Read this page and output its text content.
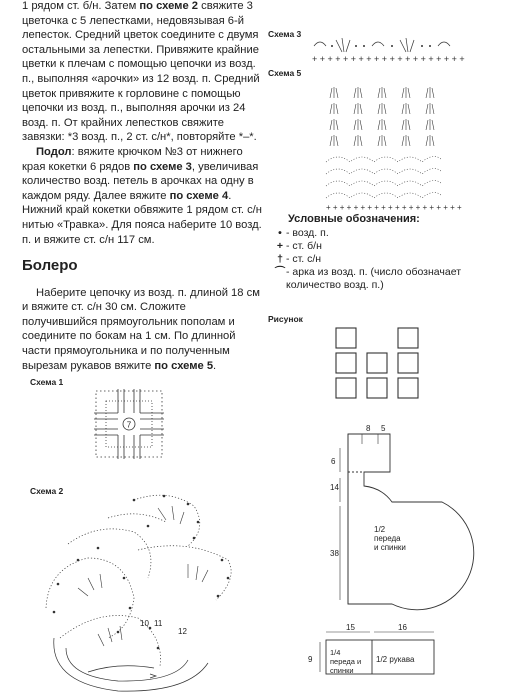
1 рядом ст. б/н. Затем по схеме 2 свяжите 3 цветочка с 5 лепестками, недовязывая 6-й лепесток. Средний цветок соедините с двумя остальными за лепестки. Привяжите крайние цветки к плечам с помощью цепочки из возд. п., выполняя «арочки» из 12 возд. п. Средний цветок привяжите к горловине с помощью цепочки из возд. п., выполняя арочки из 24 возд. п. От крайних лепестков свяжите завязки: *3 возд. п., 2 ст. с/н*, повторяйте *–*.

Подол: вяжите крючком №3 от нижнего края кокетки 6 рядов по схеме 3, увеличивая количество возд. петель в арочках на одну в каждом ряду. Далее вяжите по схеме 4. Нижний край кокетки обвяжите 1 рядом ст. с/н нитью «Травка». Для пояса наберите 10 возд. п. и вяжите ст. с/н 117 см.

Болеро

Наберите цепочку из возд. п. длиной 18 см и вяжите ст. с/н 30 см. Сложите получившийся прямоугольник пополам и соедините по бокам на 1 см. По длинной части прямоугольника и по полученным вырезам рукавов вяжите по схеме 5.

Схема 1
Схема 2
Схема 3
Схема 5
Рисунок
7
10 11
12
+ + + + + + + + + + + + + + + + + + + +
+ + + + + + + + + + + + + + + + + + + +
Условные обозначения:
• - возд. п.
+ - ст. б/н
† - ст. с/н
⌒ - арка из возд. п. (число обозначает количество возд. п.)
8 5
6
14
38
1/2
переда
и спинки
15	16
9
1/4
переда и
спинки
1/2 рукава
